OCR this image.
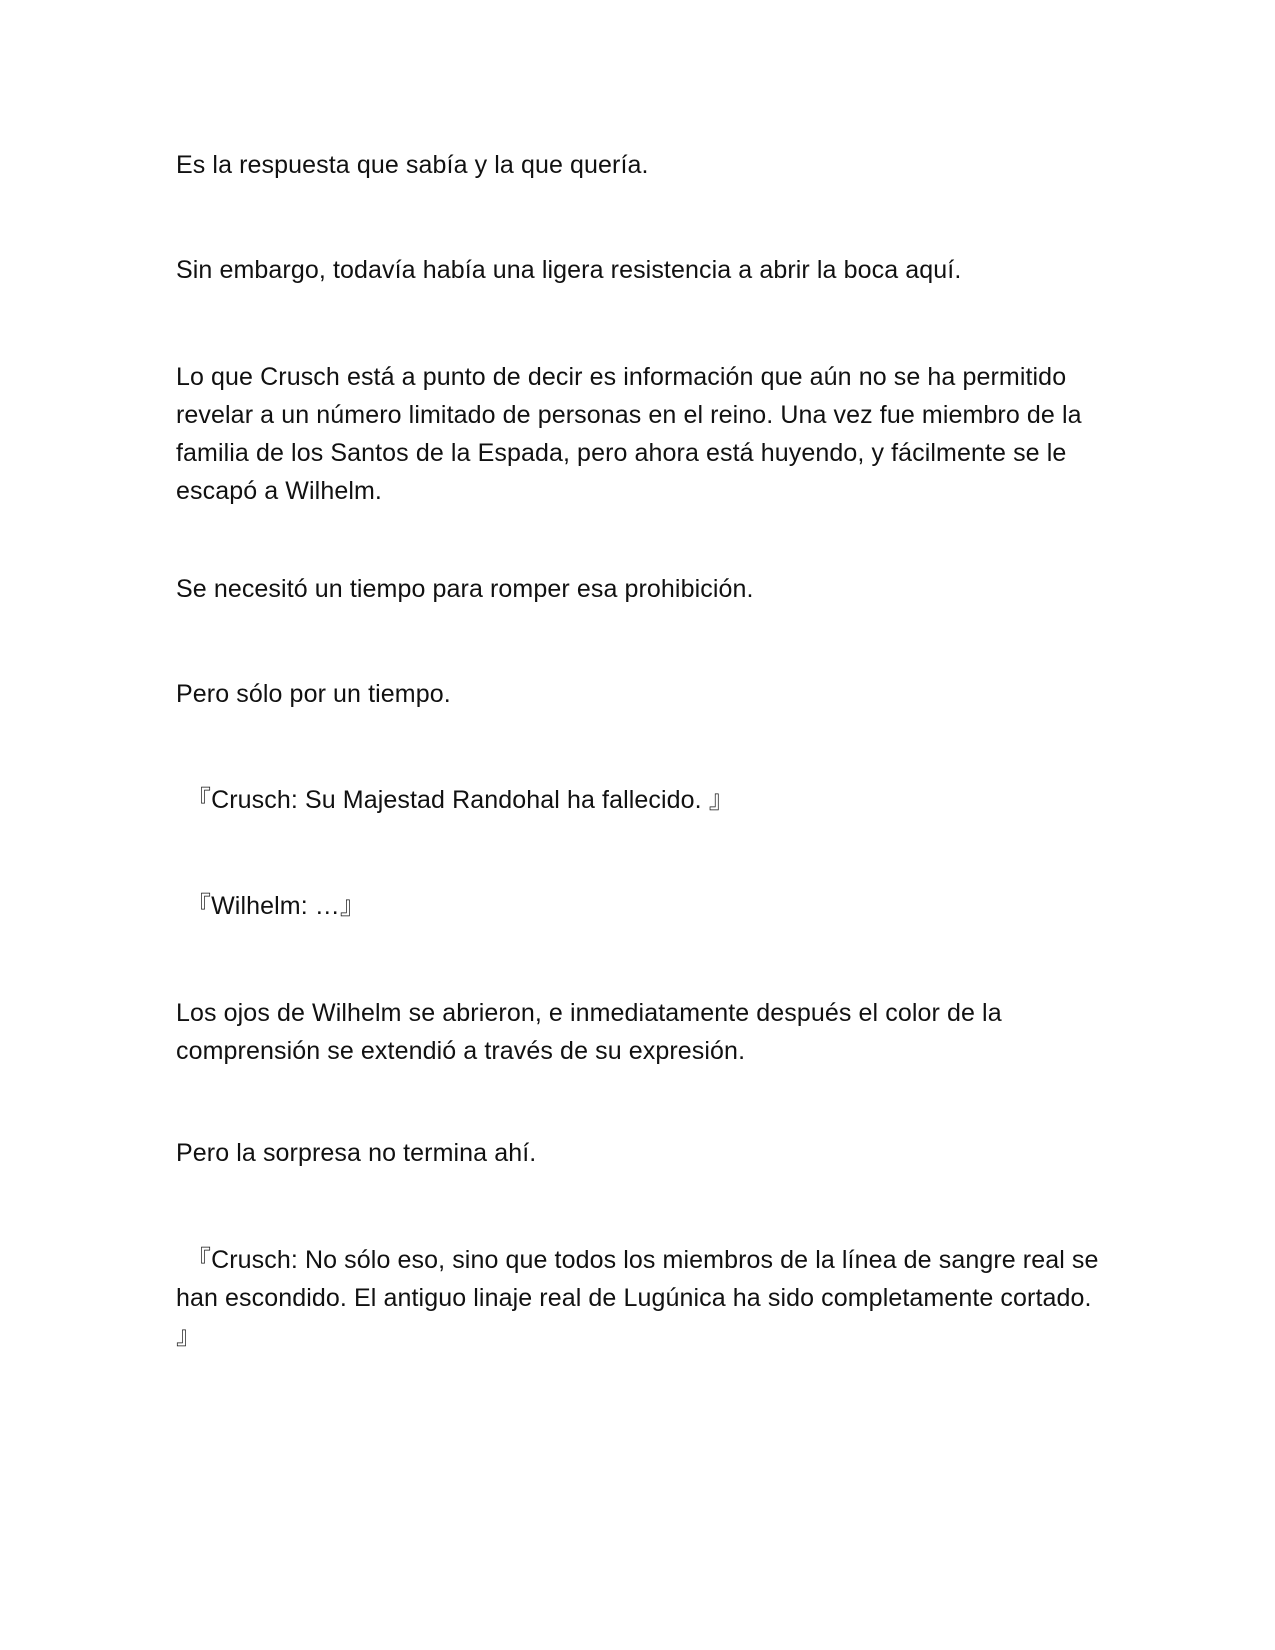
Es la respuesta que sabía y la que quería.

Sin embargo, todavía había una ligera resistencia a abrir la boca aquí.

Lo que Crusch está a punto de decir es información que aún no se ha permitido revelar a un número limitado de personas en el reino. Una vez fue miembro de la familia de los Santos de la Espada, pero ahora está huyendo, y fácilmente se le escapó a Wilhelm.

Se necesitó un tiempo para romper esa prohibición.

Pero sólo por un tiempo.

『Crusch: Su Majestad Randohal ha fallecido. 』

『Wilhelm: …』

Los ojos de Wilhelm se abrieron, e inmediatamente después el color de la comprensión se extendió a través de su expresión.

Pero la sorpresa no termina ahí.

『Crusch: No sólo eso, sino que todos los miembros de la línea de sangre real se han escondido. El antiguo linaje real de Lugúnica ha sido completamente cortado. 』
